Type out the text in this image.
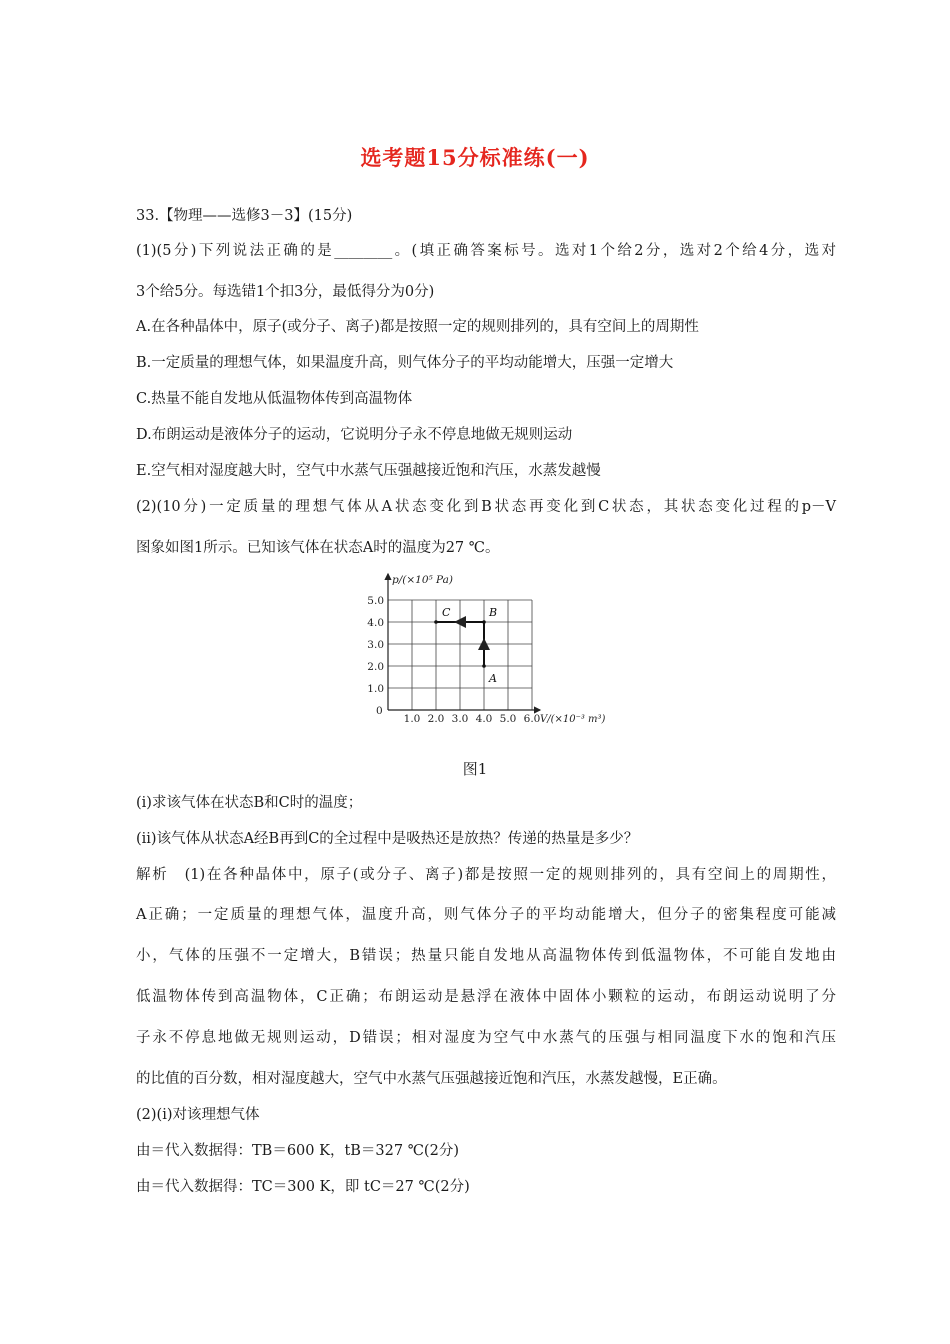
选考题15分标准练(一)
33.【物理——选修3－3】(15分)
(1)(5分)下列说法正确的是________。(填正确答案标号。选对1个给2分，选对2个给4分，选对
3个给5分。每选错1个扣3分，最低得分为0分)
A.在各种晶体中，原子(或分子、离子)都是按照一定的规则排列的，具有空间上的周期性
B.一定质量的理想气体，如果温度升高，则气体分子的平均动能增大，压强一定增大
C.热量不能自发地从低温物体传到高温物体
D.布朗运动是液体分子的运动，它说明分子永不停息地做无规则运动
E.空气相对湿度越大时，空气中水蒸气压强越接近饱和汽压，水蒸发越慢
(2)(10分)一定质量的理想气体从A状态变化到B状态再变化到C状态，其状态变化过程的p－V
图象如图1所示。已知该气体在状态A时的温度为27 ℃。
p/(×10⁵ Pa)
V/(×10⁻³ m³)
0
1.0 2.0 3.0 4.0 5.0 6.0
1.0
2.0
3.0
4.0
5.0
A
B
C
图1
(ⅰ)求该气体在状态B和C时的温度；
(ⅱ)该气体从状态A经B再到C的全过程中是吸热还是放热？传递的热量是多少？
解析　(1)在各种晶体中，原子(或分子、离子)都是按照一定的规则排列的，具有空间上的周期性，
A正确；一定质量的理想气体，温度升高，则气体分子的平均动能增大，但分子的密集程度可能减
小，气体的压强不一定增大，B错误；热量只能自发地从高温物体传到低温物体，不可能自发地由
低温物体传到高温物体，C正确；布朗运动是悬浮在液体中固体小颗粒的运动，布朗运动说明了分
子永不停息地做无规则运动，D错误；相对湿度为空气中水蒸气的压强与相同温度下水的饱和汽压
的比值的百分数，相对湿度越大，空气中水蒸气压强越接近饱和汽压，水蒸发越慢，E正确。
(2)(ⅰ)对该理想气体
由＝代入数据得：TB＝600 K，tB＝327 ℃(2分)
由＝代入数据得：TC＝300 K，即 tC＝27 ℃(2分)
